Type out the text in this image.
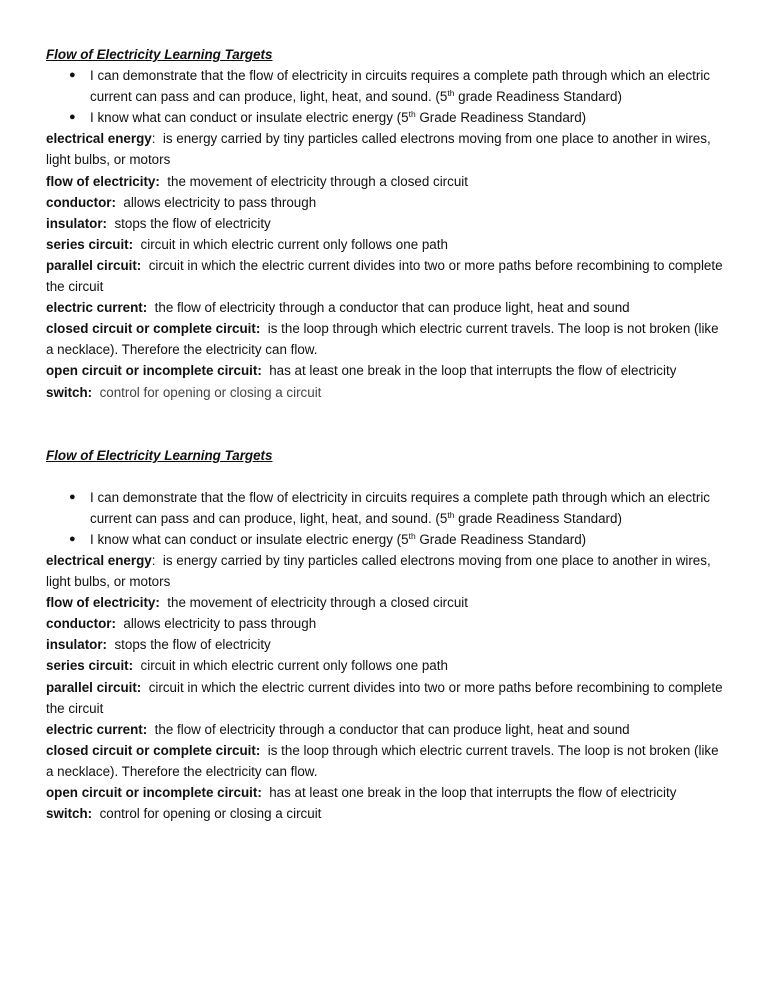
Flow of Electricity Learning Targets

● I can demonstrate that the flow of electricity in circuits requires a complete path through which an electric current can pass and can produce, light, heat, and sound. (5th grade Readiness Standard)
● I know what can conduct or insulate electric energy (5th Grade Readiness Standard)

electrical energy:  is energy carried by tiny particles called electrons moving from one place to another in wires, light bulbs, or motors

flow of electricity: the movement of electricity through a closed circuit

conductor: allows electricity to pass through

insulator: stops the flow of electricity

series circuit: circuit in which electric current only follows one path

parallel circuit: circuit in which the electric current divides into two or more paths before recombining to complete the circuit

electric current: the flow of electricity through a conductor that can produce light, heat and sound

closed circuit or complete circuit: is the loop through which electric current travels. The loop is not broken (like a necklace). Therefore the electricity can flow.

open circuit or incomplete circuit: has at least one break in the loop that interrupts the flow of electricity

switch: control for opening or closing a circuit

Flow of Electricity Learning Targets

● I can demonstrate that the flow of electricity in circuits requires a complete path through which an electric current can pass and can produce, light, heat, and sound. (5th grade Readiness Standard)
● I know what can conduct or insulate electric energy (5th Grade Readiness Standard)

electrical energy:  is energy carried by tiny particles called electrons moving from one place to another in wires, light bulbs, or motors

flow of electricity: the movement of electricity through a closed circuit

conductor: allows electricity to pass through

insulator: stops the flow of electricity

series circuit: circuit in which electric current only follows one path

parallel circuit: circuit in which the electric current divides into two or more paths before recombining to complete the circuit

electric current: the flow of electricity through a conductor that can produce light, heat and sound

closed circuit or complete circuit: is the loop through which electric current travels. The loop is not broken (like a necklace). Therefore the electricity can flow.

open circuit or incomplete circuit: has at least one break in the loop that interrupts the flow of electricity

switch: control for opening or closing a circuit
